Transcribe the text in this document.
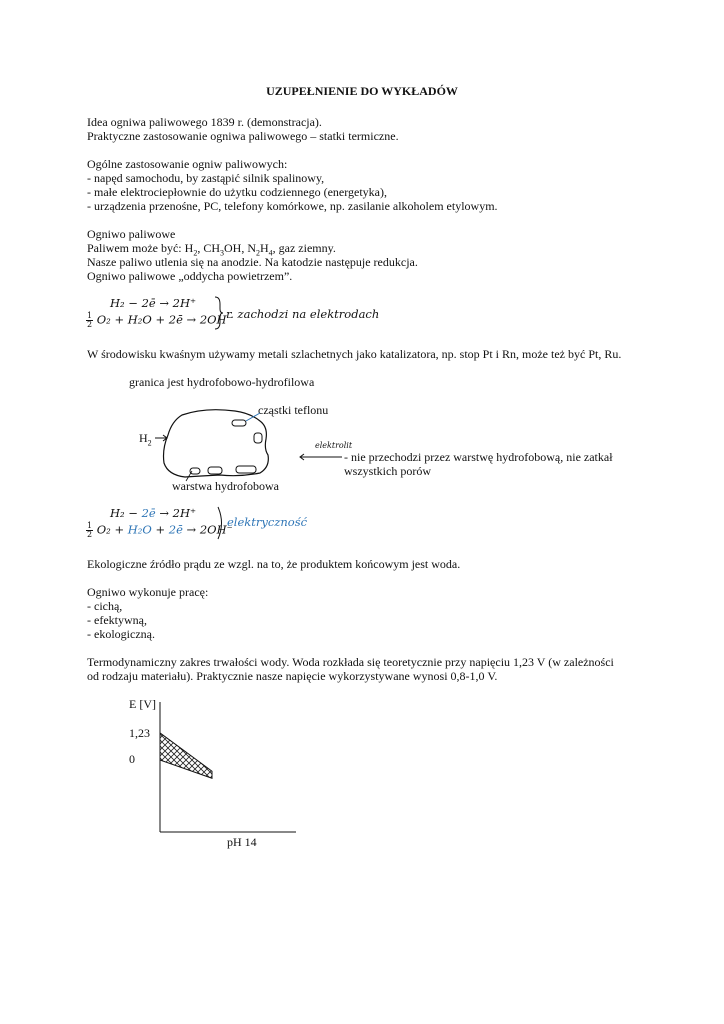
UZUPEŁNIENIE DO WYKŁADÓW
Idea ogniwa paliwowego 1839 r. (demonstracja).
Praktyczne zastosowanie ogniwa paliwowego – statki termiczne.
Ogólne zastosowanie ogniw paliwowych:
- napęd samochodu, by zastąpić silnik spalinowy,
- małe elektrociepłownie do użytku codziennego (energetyka),
- urządzenia przenośne, PC, telefony komórkowe, np. zasilanie alkoholem etylowym.
Ogniwo paliwowe
Paliwem może być: $H_2$, $CH_3OH$, $N_2H_4$, gaz ziemny.
Nasze paliwo utlenia się na anodzie. Na katodzie następuje redukcja.
Ogniwo paliwowe „oddycha powietrzem”.
H₂ − 2ē → 2H⁺
$\frac{1}{2} O_2 + H_2O$ + 2ē → 2OH⁻
r. zachodzi na elektrodach
W środowisku kwaśnym używamy metali szlachetnych jako katalizatora, np. stop Pt i Rn, może też być Pt, Ru.
granica jest hydrofobowo-hydrofilowa
cząstki teflonu
$H_2$
warstwa hydrofobowa
elektrolit
- nie przechodzi przez warstwę hydrofobową, nie zatkał
wszystkich porów
H₂ − 2ē → 2H⁺
$\frac{1}{2} O_2 + H_2O$ + 2ē → 2OH⁻
elektryczność
Ekologiczne źródło prądu ze wzgl. na to, że produktem końcowym jest woda.
Ogniwo wykonuje pracę:
- cichą,
- efektywną,
- ekologiczną.
Termodynamiczny zakres trwałości wody. Woda rozkłada się teoretycznie przy napięciu 1,23 V (w zależności
od rodzaju materiału). Praktycznie nasze napięcie wykorzystywane wynosi 0,8-1,0 V.
E [V]
1,23
0
pH 14
